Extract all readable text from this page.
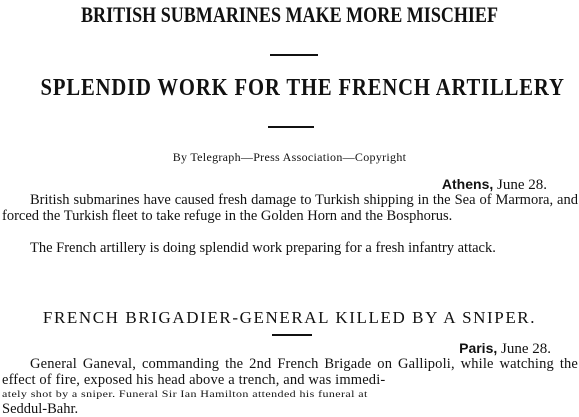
BRITISH SUBMARINES MAKE MORE MISCHIEF
SPLENDID WORK FOR THE FRENCH ARTILLERY
By Telegraph—Press Association—Copyright
Athens, June 28.

British submarines have caused fresh damage to Turkish shipping in the Sea of Marmora, and forced the Turkish fleet to take refuge in the Golden Horn and the Bosphorus.

The French artillery is doing splendid work preparing for a fresh infantry attack.

FRENCH BRIGADIER-GENERAL KILLED BY A SNIPER.
Paris, June 28.

General Ganeval, commanding the 2nd French Brigade on Gallipoli, while watching the effect of fire, exposed his head above a trench, and was immedi-

ately shot by a sniper. Funeral Sir Ian Hamilton attended his funeral at
Seddul-Bahr.
